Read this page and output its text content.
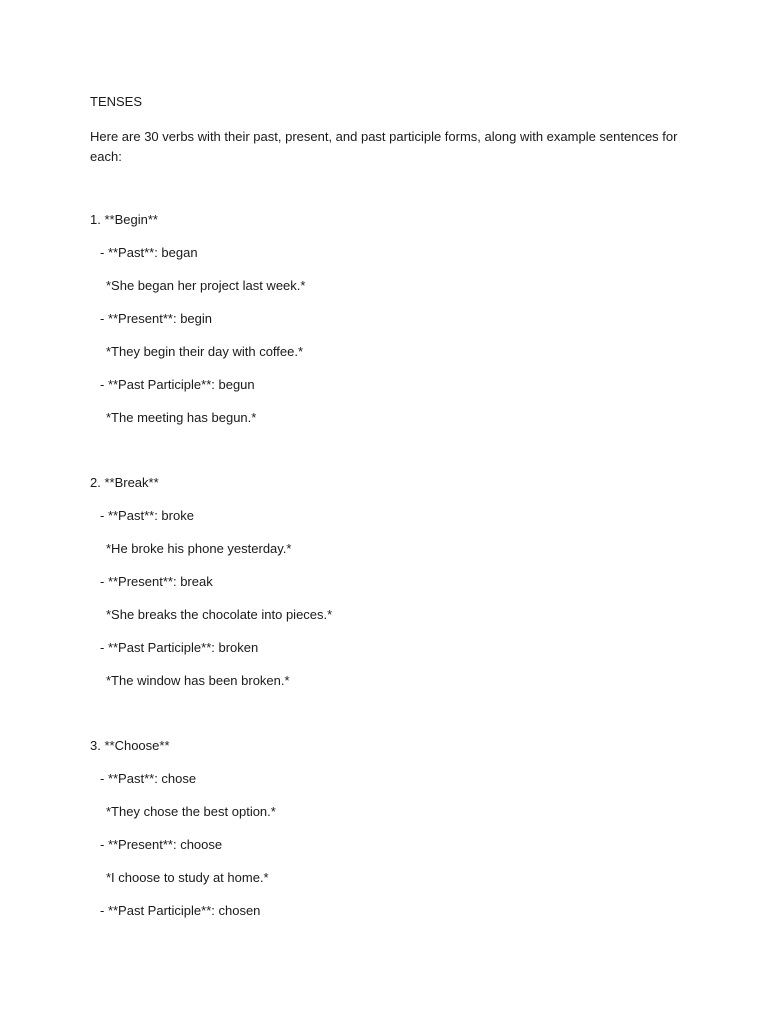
TENSES

Here are 30 verbs with their past, present, and past participle forms, along with example sentences for each:

1. **Begin**

- **Past**: began

*She began her project last week.*

- **Present**: begin

*They begin their day with coffee.*

- **Past Participle**: begun

*The meeting has begun.*

2. **Break**

- **Past**: broke

*He broke his phone yesterday.*

- **Present**: break

*She breaks the chocolate into pieces.*

- **Past Participle**: broken

*The window has been broken.*

3. **Choose**

- **Past**: chose

*They chose the best option.*

- **Present**: choose

*I choose to study at home.*

- **Past Participle**: chosen
